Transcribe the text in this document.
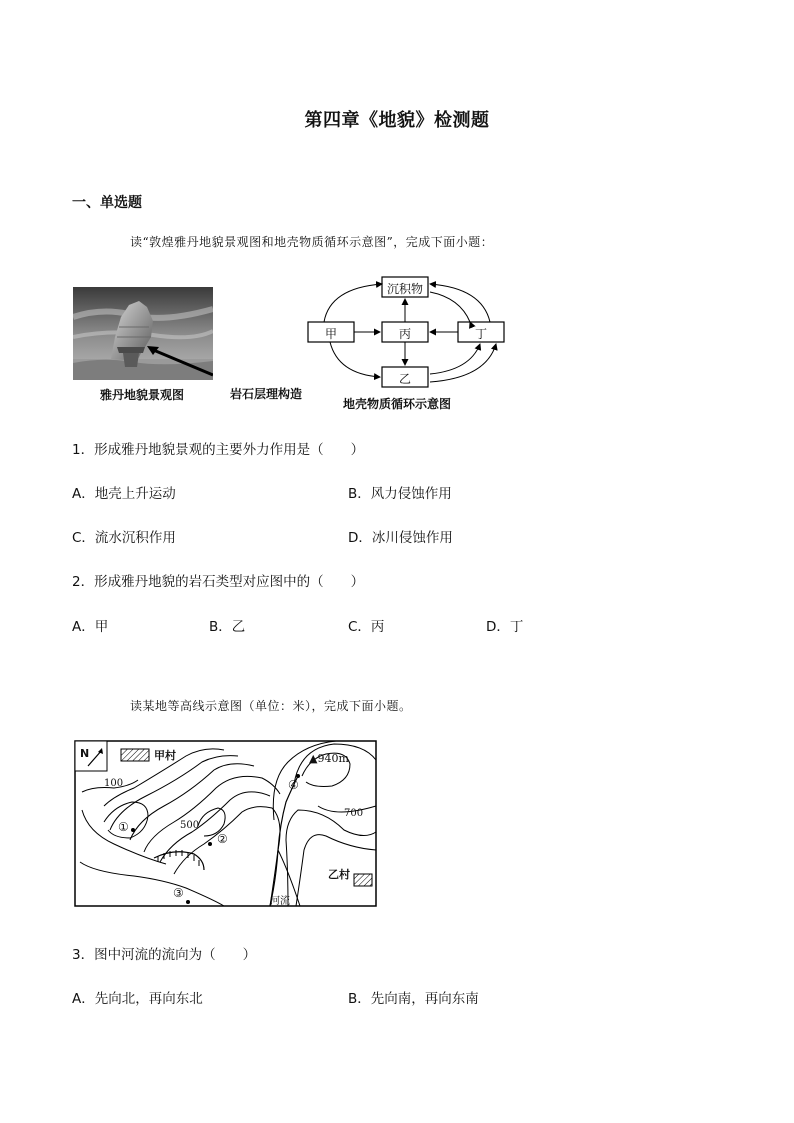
第四章《地貌》检测题
一、单选题
读“敦煌雅丹地貌景观图和地壳物质循环示意图”，完成下面小题：
雅丹地貌景观图	岩石层理构造
沉积物
甲	丙	丁
乙
地壳物质循环示意图
1．形成雅丹地貌景观的主要外力作用是（　　）
A．地壳上升运动	B．风力侵蚀作用
C．流水沉积作用	D．冰川侵蚀作用
2．形成雅丹地貌的岩石类型对应图中的（　　）
A．甲	B．乙	C．丙	D．丁
读某地等高线示意图（单位：米），完成下面小题。
N	甲村	▲940m
100
500
700
乙村
河流
①
②
③
④
3．图中河流的流向为（　　）
A．先向北，再向东北	B．先向南，再向东南
